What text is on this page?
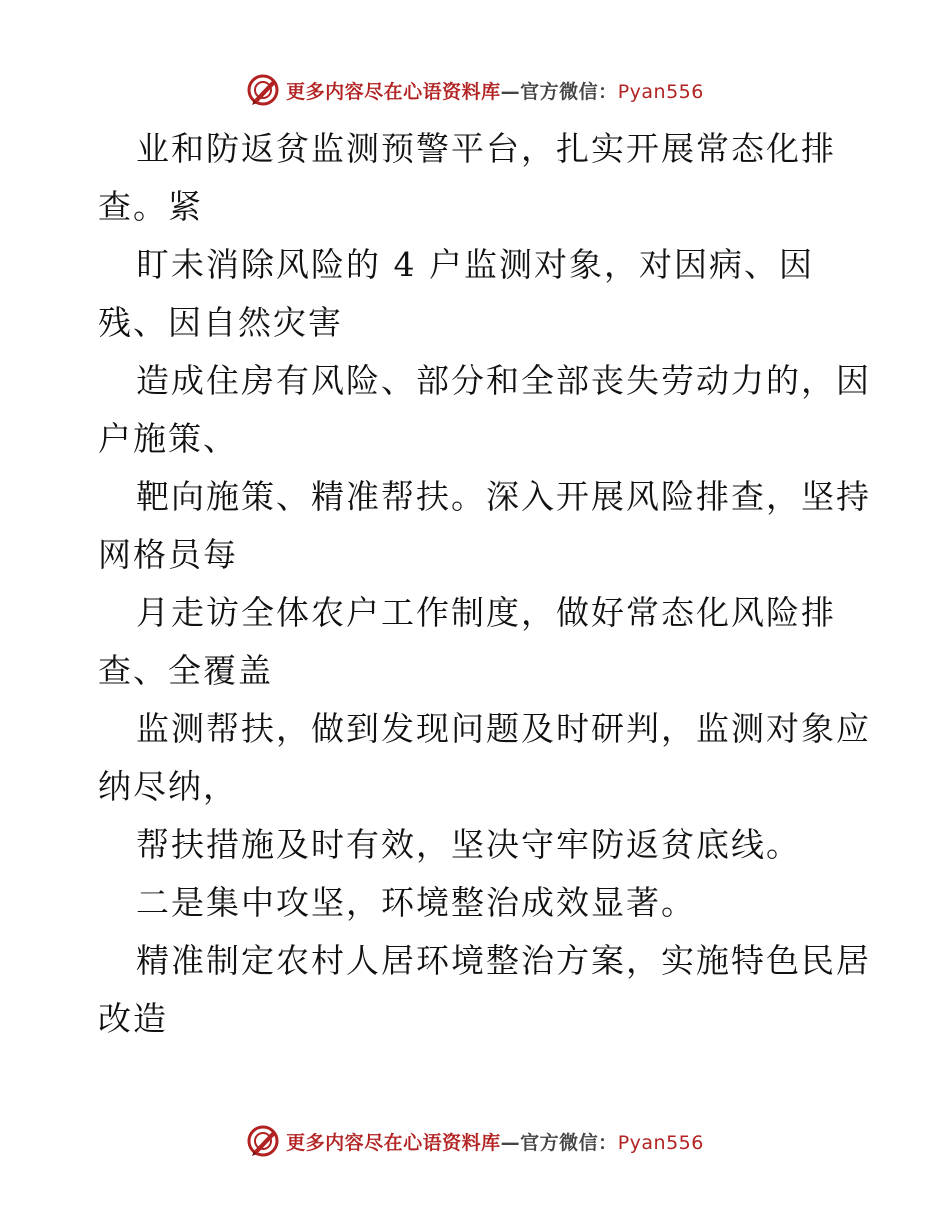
更多内容尽在心语资料库—官方微信：Pyan556
业和防返贫监测预警平台，扎实开展常态化排
查。紧
盯未消除风险的 4 户监测对象，对因病、因
残、因自然灾害
造成住房有风险、部分和全部丧失劳动力的，因
户施策、
靶向施策、精准帮扶。深入开展风险排查，坚持
网格员每
月走访全体农户工作制度，做好常态化风险排
查、全覆盖
监测帮扶，做到发现问题及时研判，监测对象应
纳尽纳，
帮扶措施及时有效，坚决守牢防返贫底线。
二是集中攻坚，环境整治成效显著。
精准制定农村人居环境整治方案，实施特色民居
改造
更多内容尽在心语资料库—官方微信：Pyan556
